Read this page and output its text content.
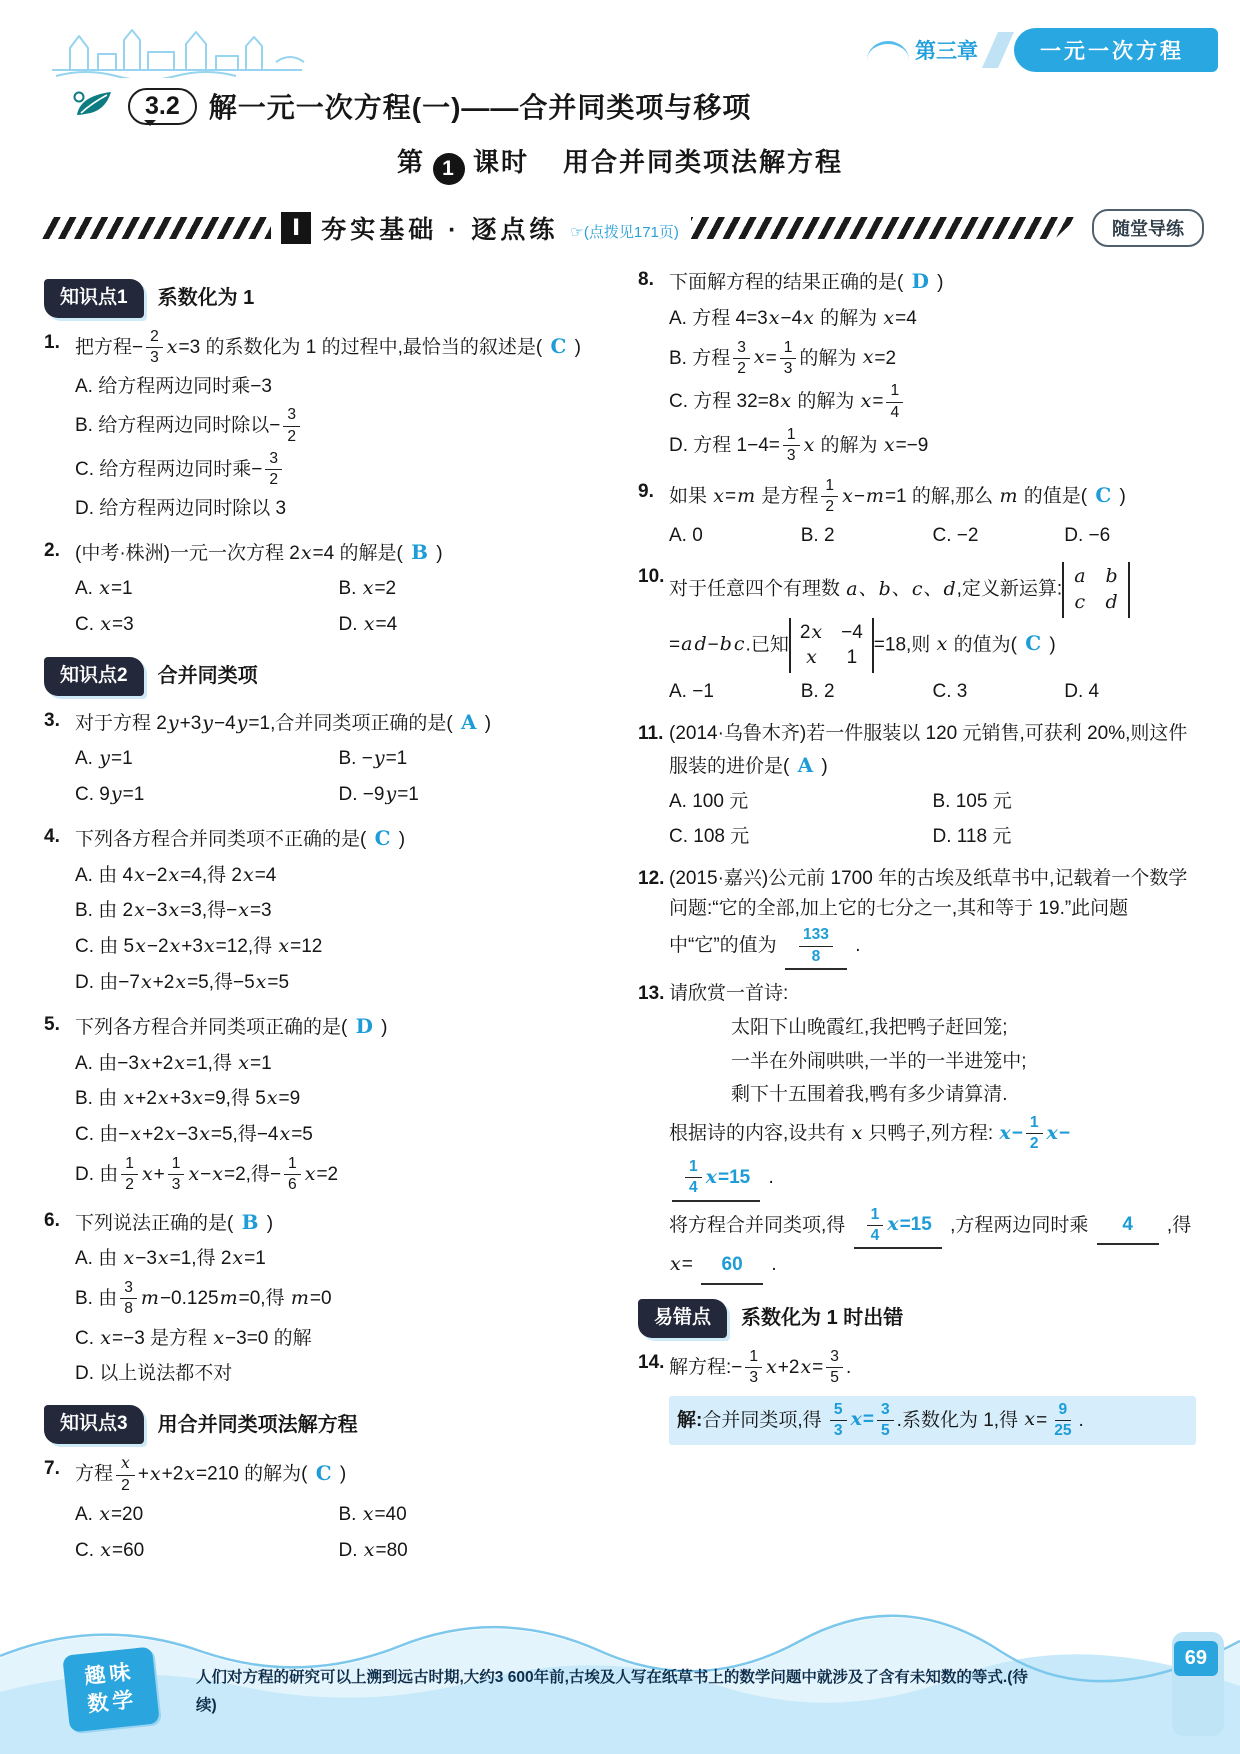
第三章	一元一次方程
3.2	解一元一次方程(一)——合并同类项与移项
第 1 课时 用合并同类项法解方程
Ⅰ 夯实基础 · 逐点练 ☞(点拨见171页)	随堂导练
知识点1	系数化为 1
1. 把方程− $\frac{2}{3} x=3$ 的系数化为 1 的过程中,最恰当的叙述是( C )
A. 给方程两边同时乘−3
B. 给方程两边同时除以− $\frac{3}{2}$
C. 给方程两边同时乘− $\frac{3}{2}$
D. 给方程两边同时除以 3
2. (中考·株洲)一元一次方程 2x=4 的解是( B )
A. x=1	B. x=2
C. x=3	D. x=4
知识点2	合并同类项
3. 对于方程 2y+3y−4y=1,合并同类项正确的是( A )
A. y=1	B. −y=1
C. 9y=1	D. −9y=1
4. 下列各方程合并同类项不正确的是( C )
A. 由 4x−2x=4,得 2x=4
B. 由 2x−3x=3,得−x=3
C. 由 5x−2x+3x=12,得 x=12
D. 由−7x+2x=5,得−5x=5
5. 下列各方程合并同类项正确的是( D )
A. 由−3x+2x=1,得 x=1
B. 由 x+2x+3x=9,得 5x=9
C. 由−x+2x−3x=5,得−4x=5
D. 由 $\frac{1}{2} x+ \frac{1}{3} x-x=2$,得− $\frac{1}{6} x=2$
6. 下列说法正确的是( B )
A. 由 x−3x=1,得 2x=1
B. 由 $\frac{3}{8} m-0.125m=0$,得 m=0
C. x=−3 是方程 x−3=0 的解
D. 以上说法都不对
知识点3	用合并同类项法解方程
7. 方程 $\frac{x}{2} +x+2x=210$ 的解为( C )
A. x=20	B. x=40
C. x=60	D. x=80
8. 下面解方程的结果正确的是( D )
A. 方程 4=3x−4x 的解为 x=4
B. 方程 $\frac{3}{2} x= \frac{1}{3}$ 的解为 x=2
C. 方程 32=8x 的解为 $x= \frac{1}{4}$
D. 方程 $1-4= \frac{1}{3}$ x 的解为 x=−9
9. 如果 x=m 是方程 $\frac{1}{2} x-m=1$ 的解,那么 m 的值是( C )
A. 0	B. 2	C. −2	D. −6
10.
对于任意四个有理数 a、b、c、d,定义新运算:
a b
c d
=a d−b c.已知
2x −4
x	1
=18,则 x 的值为( C )
A. −1	B. 2	C. 3	D. 4
11. (2014·乌鲁木齐)若一件服装以 120 元销售,可获利 20%,则这件服装的进价是( A )
A. 100 元	B. 105 元
C. 108 元	D. 118 元
12. (2015·嘉兴)公元前 1700 年的古埃及纸草书中,记载着一个数学问题:“它的全部,加上它的七分之一,其和等于 19.”此问题中“它”的值为 $\frac{133}{8}$ .
13. 请欣赏一首诗:
太阳下山晚霞红,我把鸭子赶回笼;
一半在外闹哄哄,一半的一半进笼中;
剩下十五围着我,鸭有多少请算清.
根据诗的内容,设共有 x 只鸭子,列方程: $x- \frac{1}{2} x-$
$\frac{1}{4} x=15$ .
将方程合并同类项,得 $\frac{1}{4} x=15$ ,方程两边同时乘 4 ,得 x= 60 .
易错点	系数化为 1 时出错
14. 解方程:− $\frac{1}{3} x+2x= \frac{3}{5}$ .
解:合并同类项,得 $\frac{5}{3} x= \frac{3}{5}$ .系数化为 1,得 $x= \frac{9}{25}$ .
趣味数学
人们对方程的研究可以上溯到远古时期,大约3 600年前,古埃及人写在纸草书上的数学问题中就涉及了含有未知数的等式.(待续)
69
